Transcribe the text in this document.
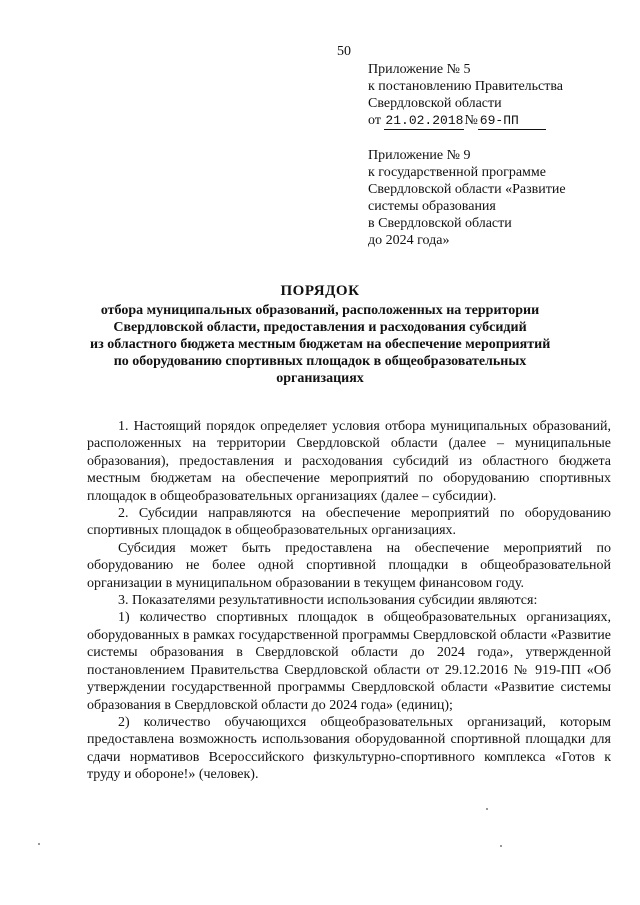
50
Приложение № 5
к постановлению Правительства
Свердловской области
от 21.02.2018№ 69-ПП
Приложение № 9
к государственной программе
Свердловской области «Развитие
системы образования
в Свердловской области
до 2024 года»
ПОРЯДОК
отбора муниципальных образований, расположенных на территории
Свердловской области, предоставления и расходования субсидий
из областного бюджета местным бюджетам на обеспечение мероприятий
по оборудованию спортивных площадок в общеобразовательных
организациях

1. Настоящий порядок определяет условия отбора муниципальных образований, расположенных на территории Свердловской области (далее – муниципальные образования), предоставления и расходования субсидий из областного бюджета местным бюджетам на обеспечение мероприятий по оборудованию спортивных площадок в общеобразовательных организациях (далее – субсидии).

2. Субсидии направляются на обеспечение мероприятий по оборудованию спортивных площадок в общеобразовательных организациях.

Субсидия может быть предоставлена на обеспечение мероприятий по оборудованию не более одной спортивной площадки в общеобразовательной организации в муниципальном образовании в текущем финансовом году.

3. Показателями результативности использования субсидии являются:

1) количество спортивных площадок в общеобразовательных организациях, оборудованных в рамках государственной программы Свердловской области «Развитие системы образования в Свердловской области до 2024 года», утвержденной постановлением Правительства Свердловской области от 29.12.2016 № 919-ПП «Об утверждении государственной программы Свердловской области «Развитие системы образования в Свердловской области до 2024 года» (единиц);

2) количество обучающихся общеобразовательных организаций, которым предоставлена возможность использования оборудованной спортивной площадки для сдачи нормативов Всероссийского физкультурно-спортивного комплекса «Готов к труду и обороне!» (человек).
